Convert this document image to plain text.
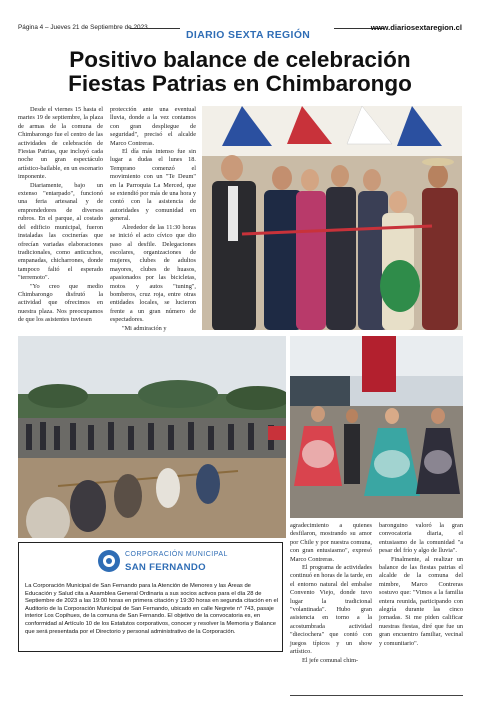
Página 4 – Jueves 21 de Septiembre de 2023
DIARIO SEXTA REGIÓN
www.diariosextaregion.cl
Positivo balance de celebración
Fiestas Patrias en Chimbarongo

Desde el viernes 15 hasta el martes 19 de septiembre, la plaza de armas de la comuna de Chimbarongo fue el centro de las actividades de celebración de Fiestas Patrias, que incluyó cada noche un gran espectáculo artístico-bailable, en un escenario imponente.

Diariamente, bajo un extenso "entarpado", funcionó una feria artesanal y de emprendedores de diversos rubros. En el parque, al costado del edificio municipal, fueron instaladas las cocinerías que ofrecían variadas elaboraciones tradicionales, como anticuchos, empanadas, chicharrones, donde tampoco faltó el esperado "terremoto".

"Yo creo que medio Chimbarongo disfrutó la actividad que ofrecimos en nuestra plaza. Nos preocupamos de que los asistentes tuviesen

protección ante una eventual lluvia, donde a la vez contamos con gran despliegue de seguridad", precisó el alcalde Marco Contreras.

El día más intenso fue sin lugar a dudas el lunes 18. Temprano comenzó el movimiento con un "Te Deum" en la Parroquia La Merced, que se extendió por más de una hora y contó con la asistencia de autoridades y comunidad en general.

Alrededor de las 11:30 horas se inició el acto cívico que dio paso al desfile. Delegaciones escolares, organizaciones de mujeres, clubes de adultos mayores, clubes de huasos, apasionados por las bicicletas, motos y autos "tuning", bomberos, cruz roja, entre otras entidades locales, se lucieron frente a un gran número de espectadores.

"Mi admiración y

CORPORACIÓN MUNICIPAL
SAN FERNANDO
La Corporación Municipal de San Fernando para la Atención de Menores y las Áreas de Educación y Salud cita a Asamblea General Ordinaria a sus socios activos para el día 28 de Septiembre de 2023 a las 19:00 horas en primera citación y 19:30 horas en segunda citación en el Auditorio de la Corporación Municipal de San Fernando, ubicado en calle Negrete n° 743, pasaje interior Los Copihues, de la comuna de San Fernando. El objetivo de la convocatoria es, en conformidad al Artículo 10 de los Estatutos corporativos, conocer y resolver la Memoria y Balance que será presentada por el Directorio y personal administrativo de la Corporación.

agradecimiento a quienes desfilaron, mostrando su amor por Chile y por nuestra comuna, con gran entusiasmo", expresó Marco Contreras.

El programa de actividades continuó en horas de la tarde, en el entorno natural del embalse Convento Viejo, donde tuvo lugar la tradicional "volantinada". Hubo gran asistencia en torno a la acostumbrada actividad "dieciochera" que contó con juegos típicos y un show artístico.

El jefe comunal chim-

baronguino valoró la gran convocatoria diaria, el entusiasmo de la comunidad "a pesar del frío y algo de lluvia".

Finalmente, al realizar un balance de las fiestas patrias el alcalde de la comuna del mimbre, Marco Contreras sostuvo que: "Vimos a la familia entera reunida, participando con alegría durante las cinco jornadas. Si me piden calificar nuestras fiestas, diré que fue un gran encuentro familiar, vecinal y comunitario".
